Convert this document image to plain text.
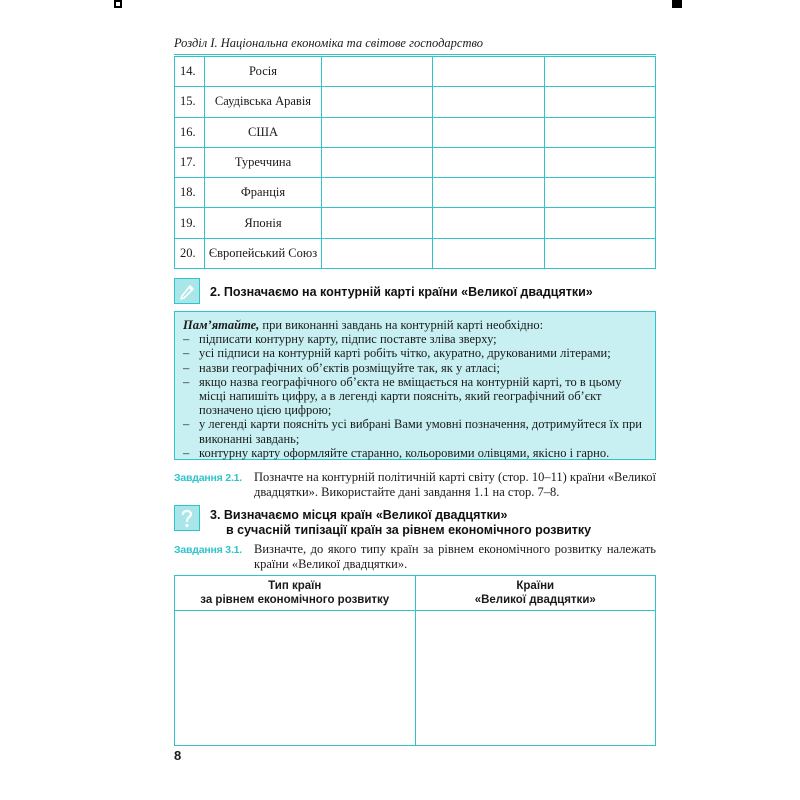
Розділ І. Національна економіка та світове господарство
14.	Росія			
15.	Саудівська Аравія			
16.	США			
17.	Туреччина			
18.	Франція			
19.	Японія			
20.	Європейський Союз			
2. Позначаємо на контурній карті країни «Великої двадцятки»

Пам’ятайте, при виконанні завдань на контурній карті необхідно:

– підписати контурну карту, підпис поставте зліва зверху;
– усі підписи на контурній карті робіть чітко, акуратно, друкованими літерами;
– назви географічних об’єктів розміщуйте так, як у атласі;
– якщо назва географічного об’єкта не вміщається на контурній карті, то в цьому місці напишіть цифру, а в легенді карти поясніть, який географічний об’єкт позначено цією цифрою;
– у легенді карти поясніть усі вибрані Вами умовні позначення, дотримуйтеся їх при виконанні завдань;
– контурну карту оформляйте старанно, кольоровими олівцями, якісно і гарно.
Завдання 2.1. Позначте на контурній політичній карті світу (стор. 10–11) країни «Великої двадцятки». Використайте дані завдання 1.1 на стор. 7–8.
3. Визначаємо місця країн «Великої двадцятки»
в сучасній типізації країн за рівнем економічного розвитку
Завдання 3.1. Визначте, до якого типу країн за рівнем економічного розвитку належать країни «Великої двадцятки».
Тип країн
за рівнем економічного розвитку	Країни
«Великої двадцятки»

8
